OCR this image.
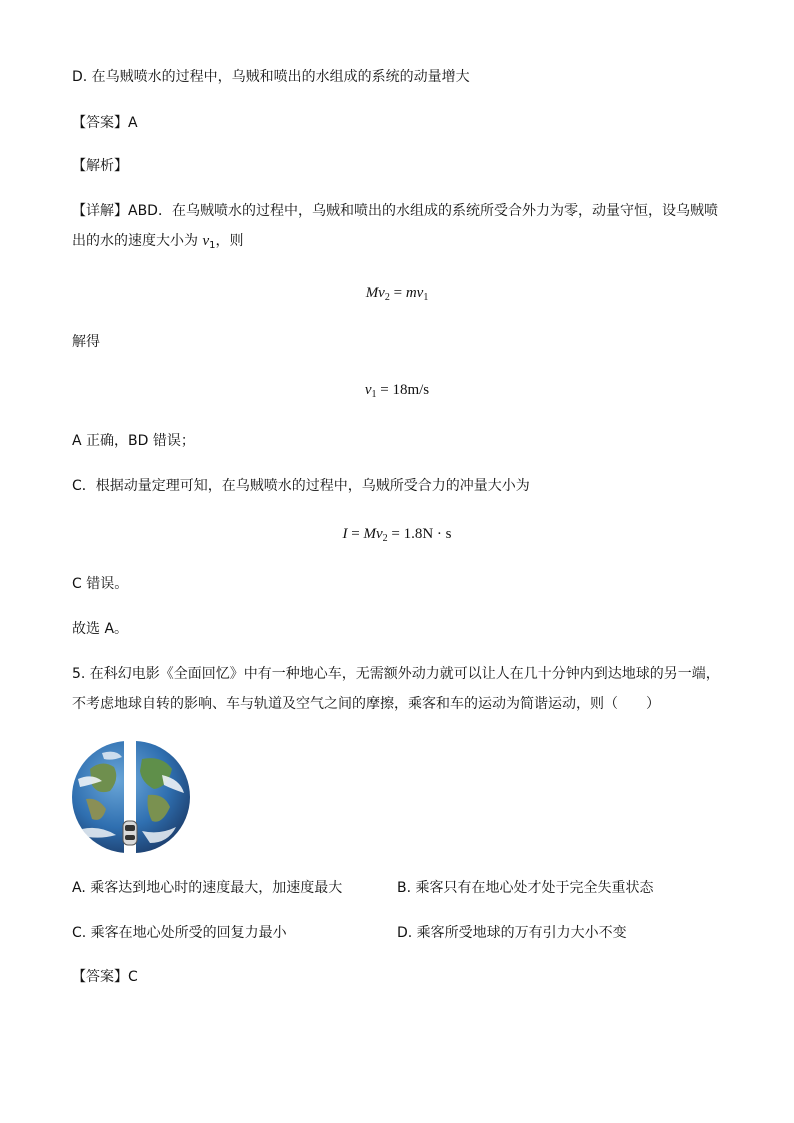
D. 在乌贼喷水的过程中，乌贼和喷出的水组成的系统的动量增大
【答案】A
【解析】
【详解】ABD．在乌贼喷水的过程中，乌贼和喷出的水组成的系统所受合外力为零，动量守恒，设乌贼喷
出的水的速度大小为 $v_1$，则
$Mv_2 = mv_1$
解得
$v_1 = 18m/s$
A 正确，BD 错误；
C．根据动量定理可知，在乌贼喷水的过程中，乌贼所受合力的冲量大小为
$I = Mv_2 = 1.8N \cdot s$
C 错误。
故选 A。
5. 在科幻电影《全面回忆》中有一种地心车，无需额外动力就可以让人在几十分钟内到达地球的另一端，
不考虑地球自转的影响、车与轨道及空气之间的摩擦，乘客和车的运动为简谐运动，则（　　）
A. 乘客达到地心时的速度最大，加速度最大	B. 乘客只有在地心处才处于完全失重状态
C. 乘客在地心处所受的回复力最小	D. 乘客所受地球的万有引力大小不变
【答案】C
